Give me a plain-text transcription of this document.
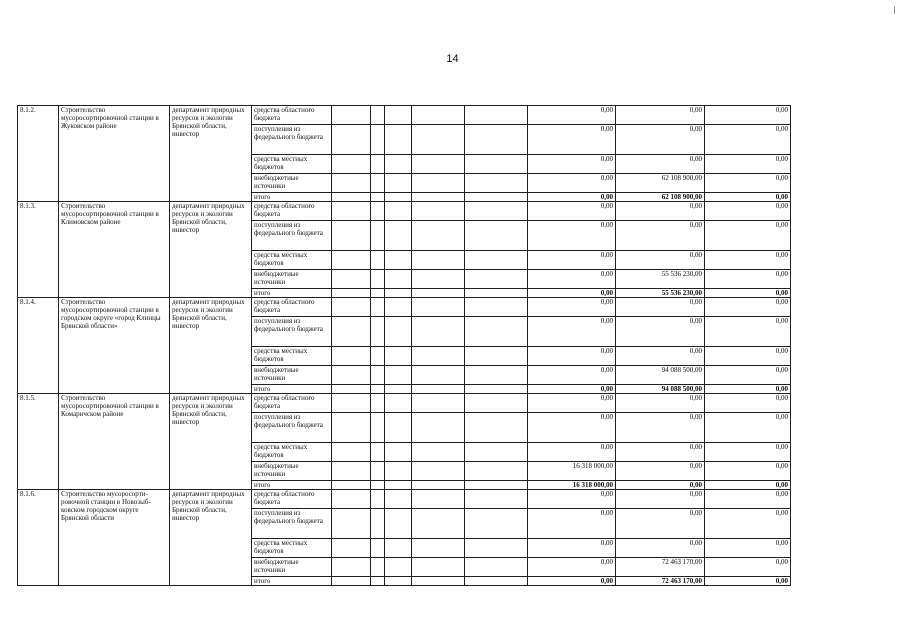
14
8.1.2.	Строительство мусоросортировочной станции в Жуковском районе	департамент природных ресурсов и экологии Брянской области, инвестор	средства областного бюджета						0,00	0,00	0,00
			поступления из федерального бюджета						0,00	0,00	0,00
			средства местных бюджетов						0,00	0,00	0,00
			внебюджетные источники						0,00	62 108 900,00	0,00
			итого						0,00	62 108 900,00	0,00
8.1.3.	Строительство мусоросортировочной станции в Климовском районе	департамент природных ресурсов и экологии Брянской области, инвестор	средства областного бюджета						0,00	0,00	0,00
			поступления из федерального бюджета						0,00	0,00	0,00
			средства местных бюджетов						0,00	0,00	0,00
			внебюджетные источники						0,00	55 536 230,00	0,00
			итого						0,00	55 536 230,00	0,00
8.1.4.	Строительство мусоросортировочной станции в городском округе «город Клинцы Брянской области»	департамент природных ресурсов и экологии Брянской области, инвестор	средства областного бюджета						0,00	0,00	0,00
			поступления из федерального бюджета						0,00	0,00	0,00
			средства местных бюджетов						0,00	0,00	0,00
			внебюджетные источники						0,00	94 088 500,00	0,00
			итого						0,00	94 088 500,00	0,00
8.1.5.	Строительство мусоросортировочной станции в Комаричском районе	департамент природных ресурсов и экологии Брянской области, инвестор	средства областного бюджета						0,00	0,00	0,00
			поступления из федерального бюджета						0,00	0,00	0,00
			средства местных бюджетов						0,00	0,00	0,00
			внебюджетные источники						16 318 000,00	0,00	0,00
			итого						16 318 000,00	0,00	0,00
8.1.6.	Строительство мусоросорти-ровочной станции в Новозыб-ковском городском округе Брянской области	департамент природных ресурсов и экологии Брянской области, инвестор	средства областного бюджета						0,00	0,00	0,00
			поступления из федерального бюджета						0,00	0,00	0,00
			средства местных бюджетов						0,00	0,00	0,00
			внебюджетные источники						0,00	72 463 170,00	0,00
			итого						0,00	72 463 170,00	0,00
